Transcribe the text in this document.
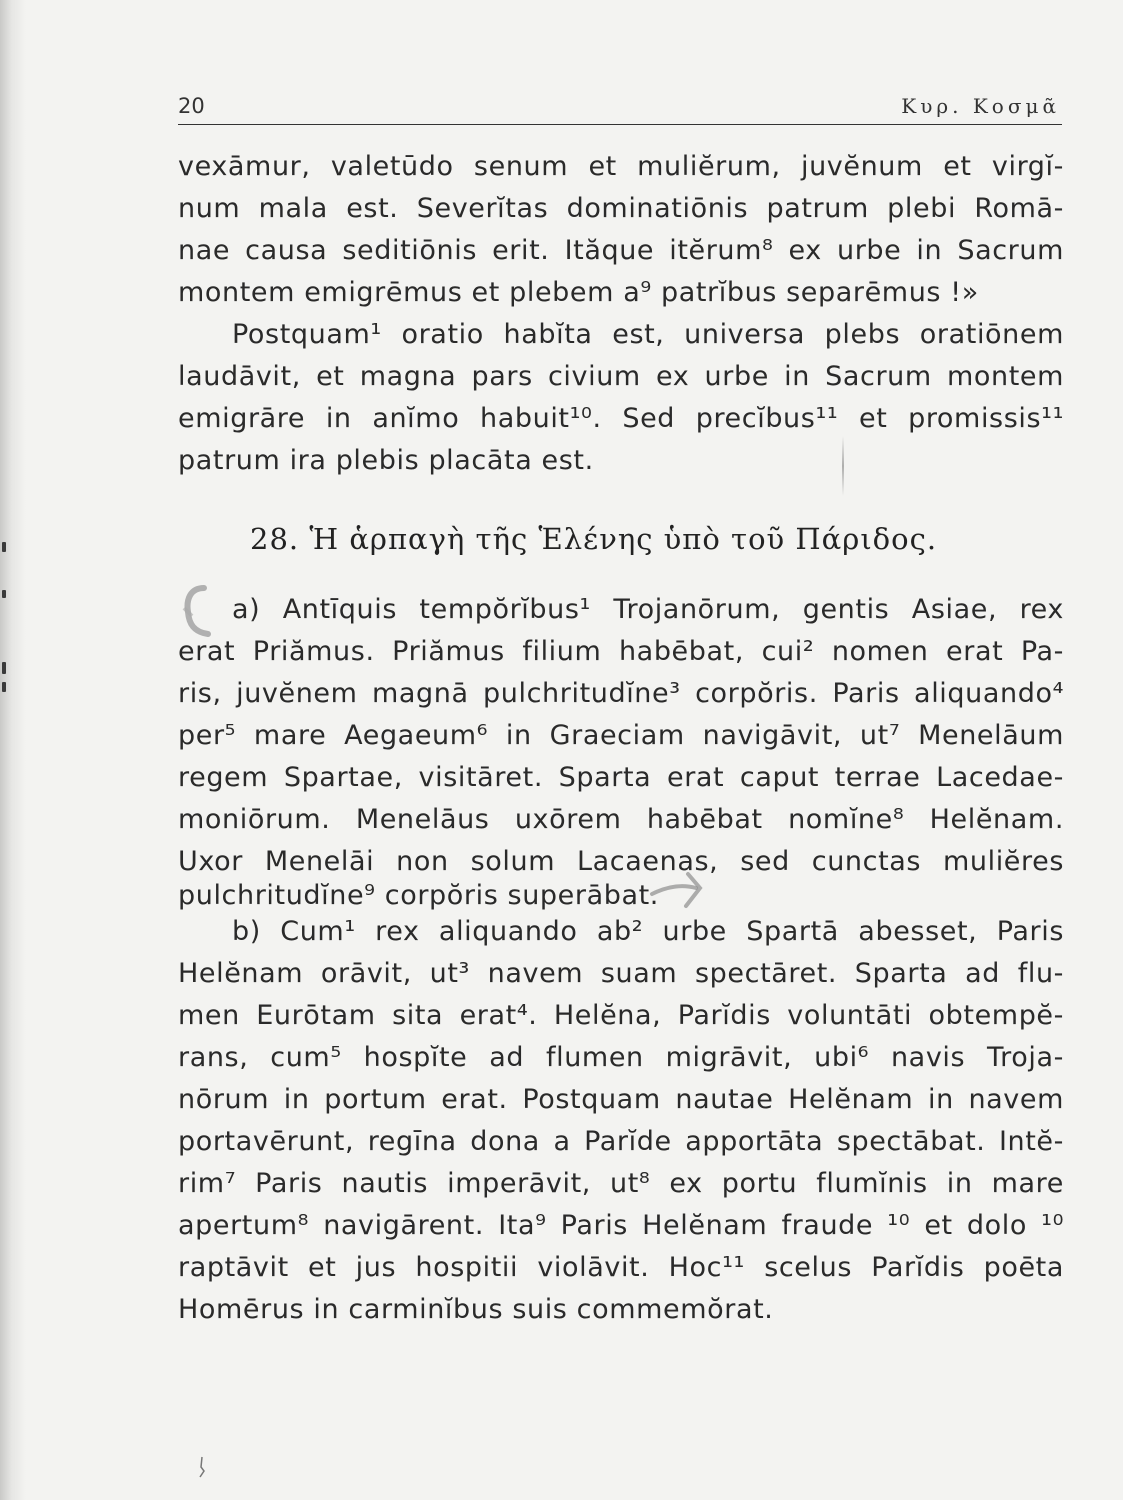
20	Κυρ. Κοσμᾶ
vexāmur, valetūdo senum et muliĕrum, juvĕnum et virgĭ-
num mala est. Severĭtas dominatiōnis patrum plebi Romā-
nae causa seditiōnis erit. Ităque itĕrum⁸ ex urbe in Sacrum
montem emigrēmus et plebem a⁹ patrĭbus separēmus !»
Postquam¹ oratio habĭta est, universa plebs oratiōnem
laudāvit, et magna pars civium ex urbe in Sacrum montem
emigrāre in anĭmo habuit¹⁰. Sed precĭbus¹¹ et promissis¹¹
patrum ira plebis placāta est.
28. Ἡ ἁρπαγὴ τῆς Ἑλένης ὑπὸ τοῦ Πάριδος.
a) Antīquis tempŏrĭbus¹ Trojanōrum, gentis Asiae, rex
erat Priămus. Priămus filium habēbat, cui² nomen erat Pa-
ris, juvĕnem magnā pulchritudĭne³ corpŏris. Paris aliquando⁴
per⁵ mare Aegaeum⁶ in Graeciam navigāvit, ut⁷ Menelāum
regem Spartae, visitāret. Sparta erat caput terrae Lacedae-
moniōrum. Menelāus uxōrem habēbat nomĭne⁸ Helĕnam.
Uxor Menelāi non solum Lacaenas, sed cunctas muliĕres
pulchritudĭne⁹ corpŏris superābat.
b) Cum¹ rex aliquando ab² urbe Spartā abesset, Paris
Helĕnam orāvit, ut³ navem suam spectāret. Sparta ad flu-
men Eurōtam sita erat⁴. Helĕna, Parĭdis voluntāti obtempĕ-
rans, cum⁵ hospĭte ad flumen migrāvit, ubi⁶ navis Troja-
nōrum in portum erat. Postquam nautae Helĕnam in navem
portavērunt, regīna dona a Parĭde apportāta spectābat. Intĕ-
rim⁷ Paris nautis imperāvit, ut⁸ ex portu flumĭnis in mare
apertum⁸ navigārent. Ita⁹ Paris Helĕnam fraude ¹⁰ et dolo ¹⁰
raptāvit et jus hospitii violāvit. Hoc¹¹ scelus Parĭdis poēta
Homērus in carminĭbus suis commemŏrat.
